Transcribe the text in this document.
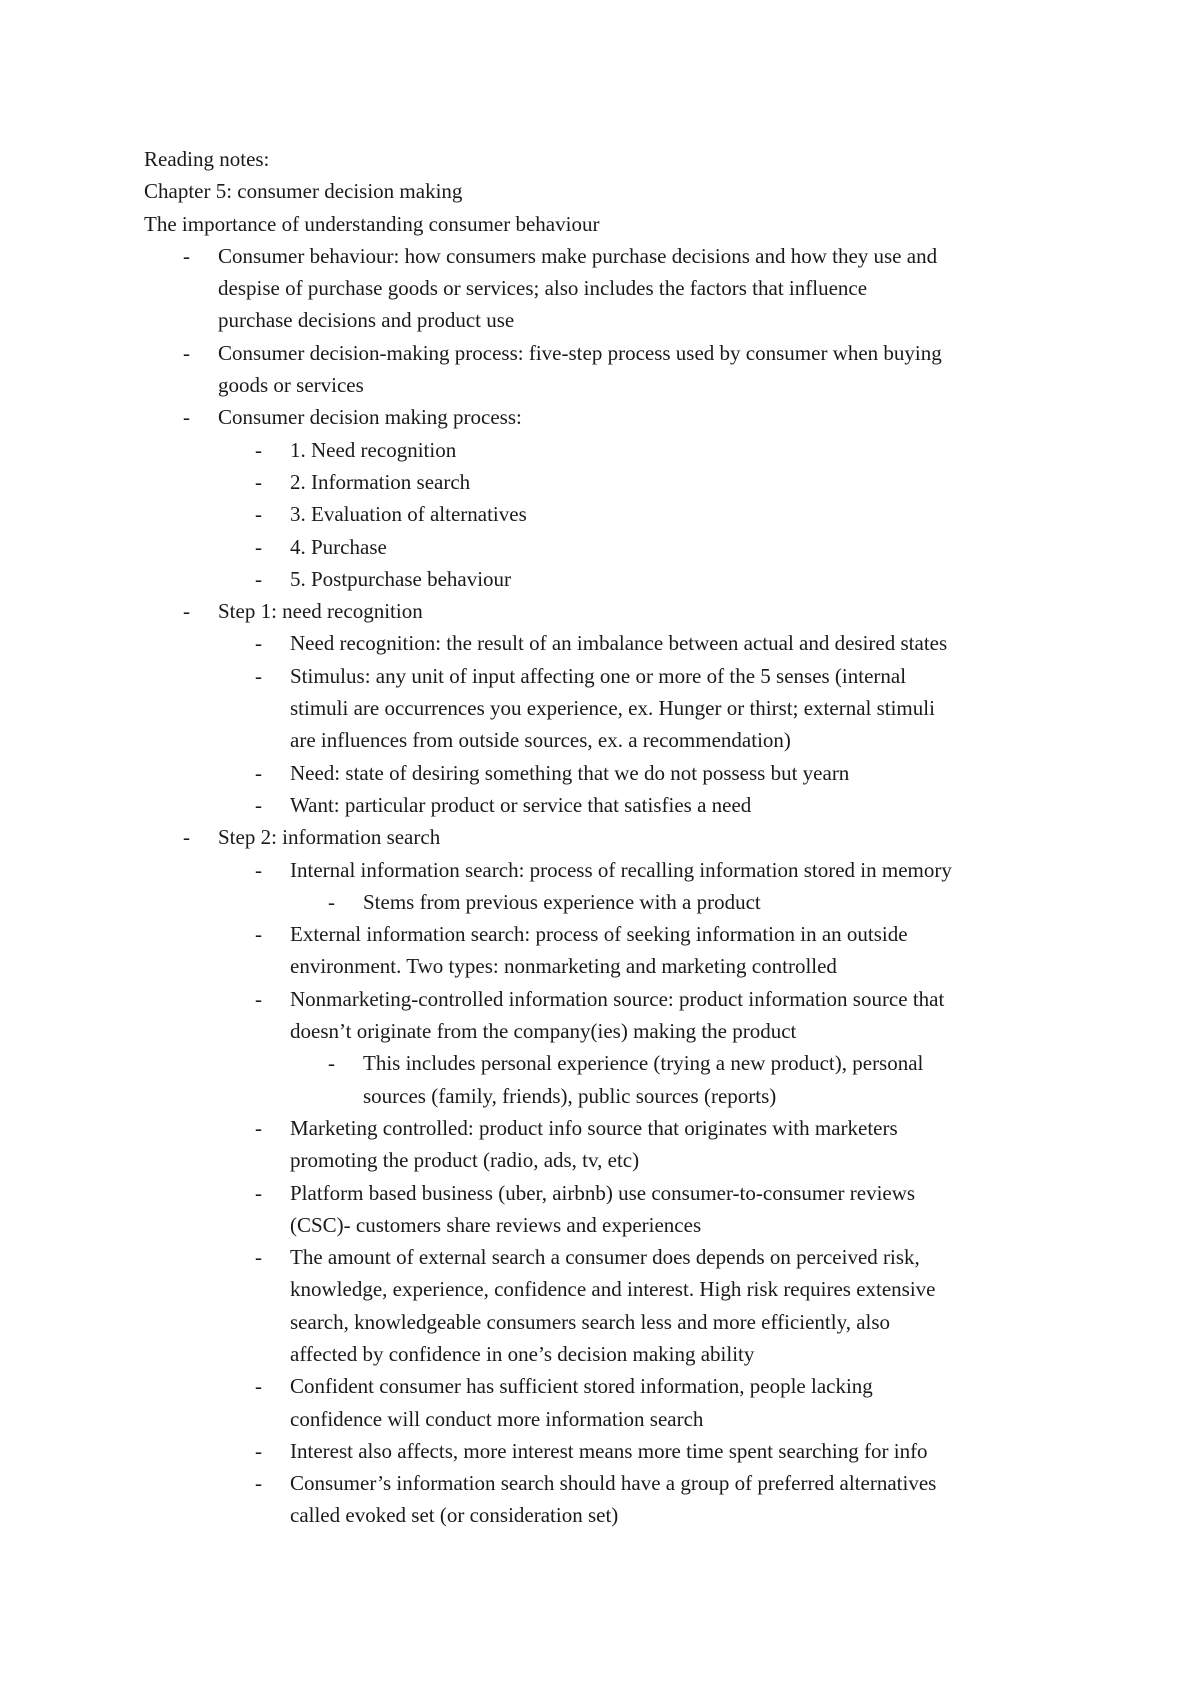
Reading notes:
Chapter 5: consumer decision making
The importance of understanding consumer behaviour
- Consumer behaviour: how consumers make purchase decisions and how they use and
despise of purchase goods or services; also includes the factors that influence
purchase decisions and product use
- Consumer decision-making process: five-step process used by consumer when buying
goods or services
- Consumer decision making process:
- 1. Need recognition
- 2. Information search
- 3. Evaluation of alternatives
- 4. Purchase
- 5. Postpurchase behaviour
- Step 1: need recognition
- Need recognition: the result of an imbalance between actual and desired states
- Stimulus: any unit of input affecting one or more of the 5 senses (internal
stimuli are occurrences you experience, ex. Hunger or thirst; external stimuli
are influences from outside sources, ex. a recommendation)
- Need: state of desiring something that we do not possess but yearn
- Want: particular product or service that satisfies a need
- Step 2: information search
- Internal information search: process of recalling information stored in memory
- Stems from previous experience with a product
- External information search: process of seeking information in an outside
environment. Two types: nonmarketing and marketing controlled
- Nonmarketing-controlled information source: product information source that
doesn’t originate from the company(ies) making the product
- This includes personal experience (trying a new product), personal
sources (family, friends), public sources (reports)
- Marketing controlled: product info source that originates with marketers
promoting the product (radio, ads, tv, etc)
- Platform based business (uber, airbnb) use consumer-to-consumer reviews
(CSC)- customers share reviews and experiences
- The amount of external search a consumer does depends on perceived risk,
knowledge, experience, confidence and interest. High risk requires extensive
search, knowledgeable consumers search less and more efficiently, also
affected by confidence in one’s decision making ability
- Confident consumer has sufficient stored information, people lacking
confidence will conduct more information search
- Interest also affects, more interest means more time spent searching for info
- Consumer’s information search should have a group of preferred alternatives
called evoked set (or consideration set)
